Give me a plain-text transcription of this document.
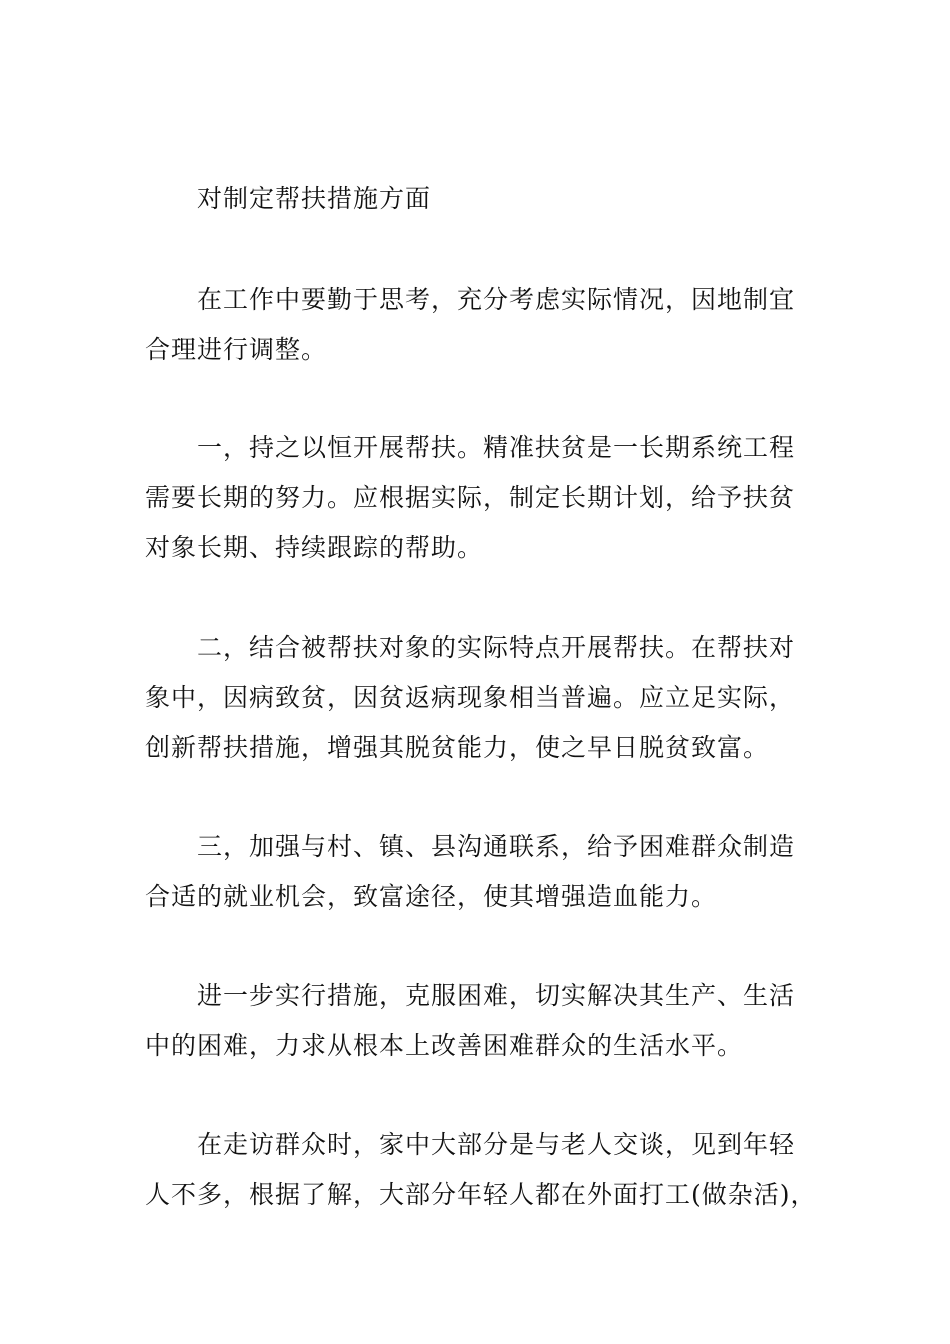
对制定帮扶措施方面

在工作中要勤于思考，充分考虑实际情况，因地制宜
合理进行调整。

一，持之以恒开展帮扶。精准扶贫是一长期系统工程
需要长期的努力。应根据实际，制定长期计划，给予扶贫
对象长期、持续跟踪的帮助。

二，结合被帮扶对象的实际特点开展帮扶。在帮扶对
象中，因病致贫，因贫返病现象相当普遍。应立足实际，
创新帮扶措施，增强其脱贫能力，使之早日脱贫致富。

三，加强与村、镇、县沟通联系，给予困难群众制造
合适的就业机会，致富途径，使其增强造血能力。

进一步实行措施，克服困难，切实解决其生产、生活
中的困难，力求从根本上改善困难群众的生活水平。

在走访群众时，家中大部分是与老人交谈，见到年轻
人不多，根据了解，大部分年轻人都在外面打工(做杂活)，
